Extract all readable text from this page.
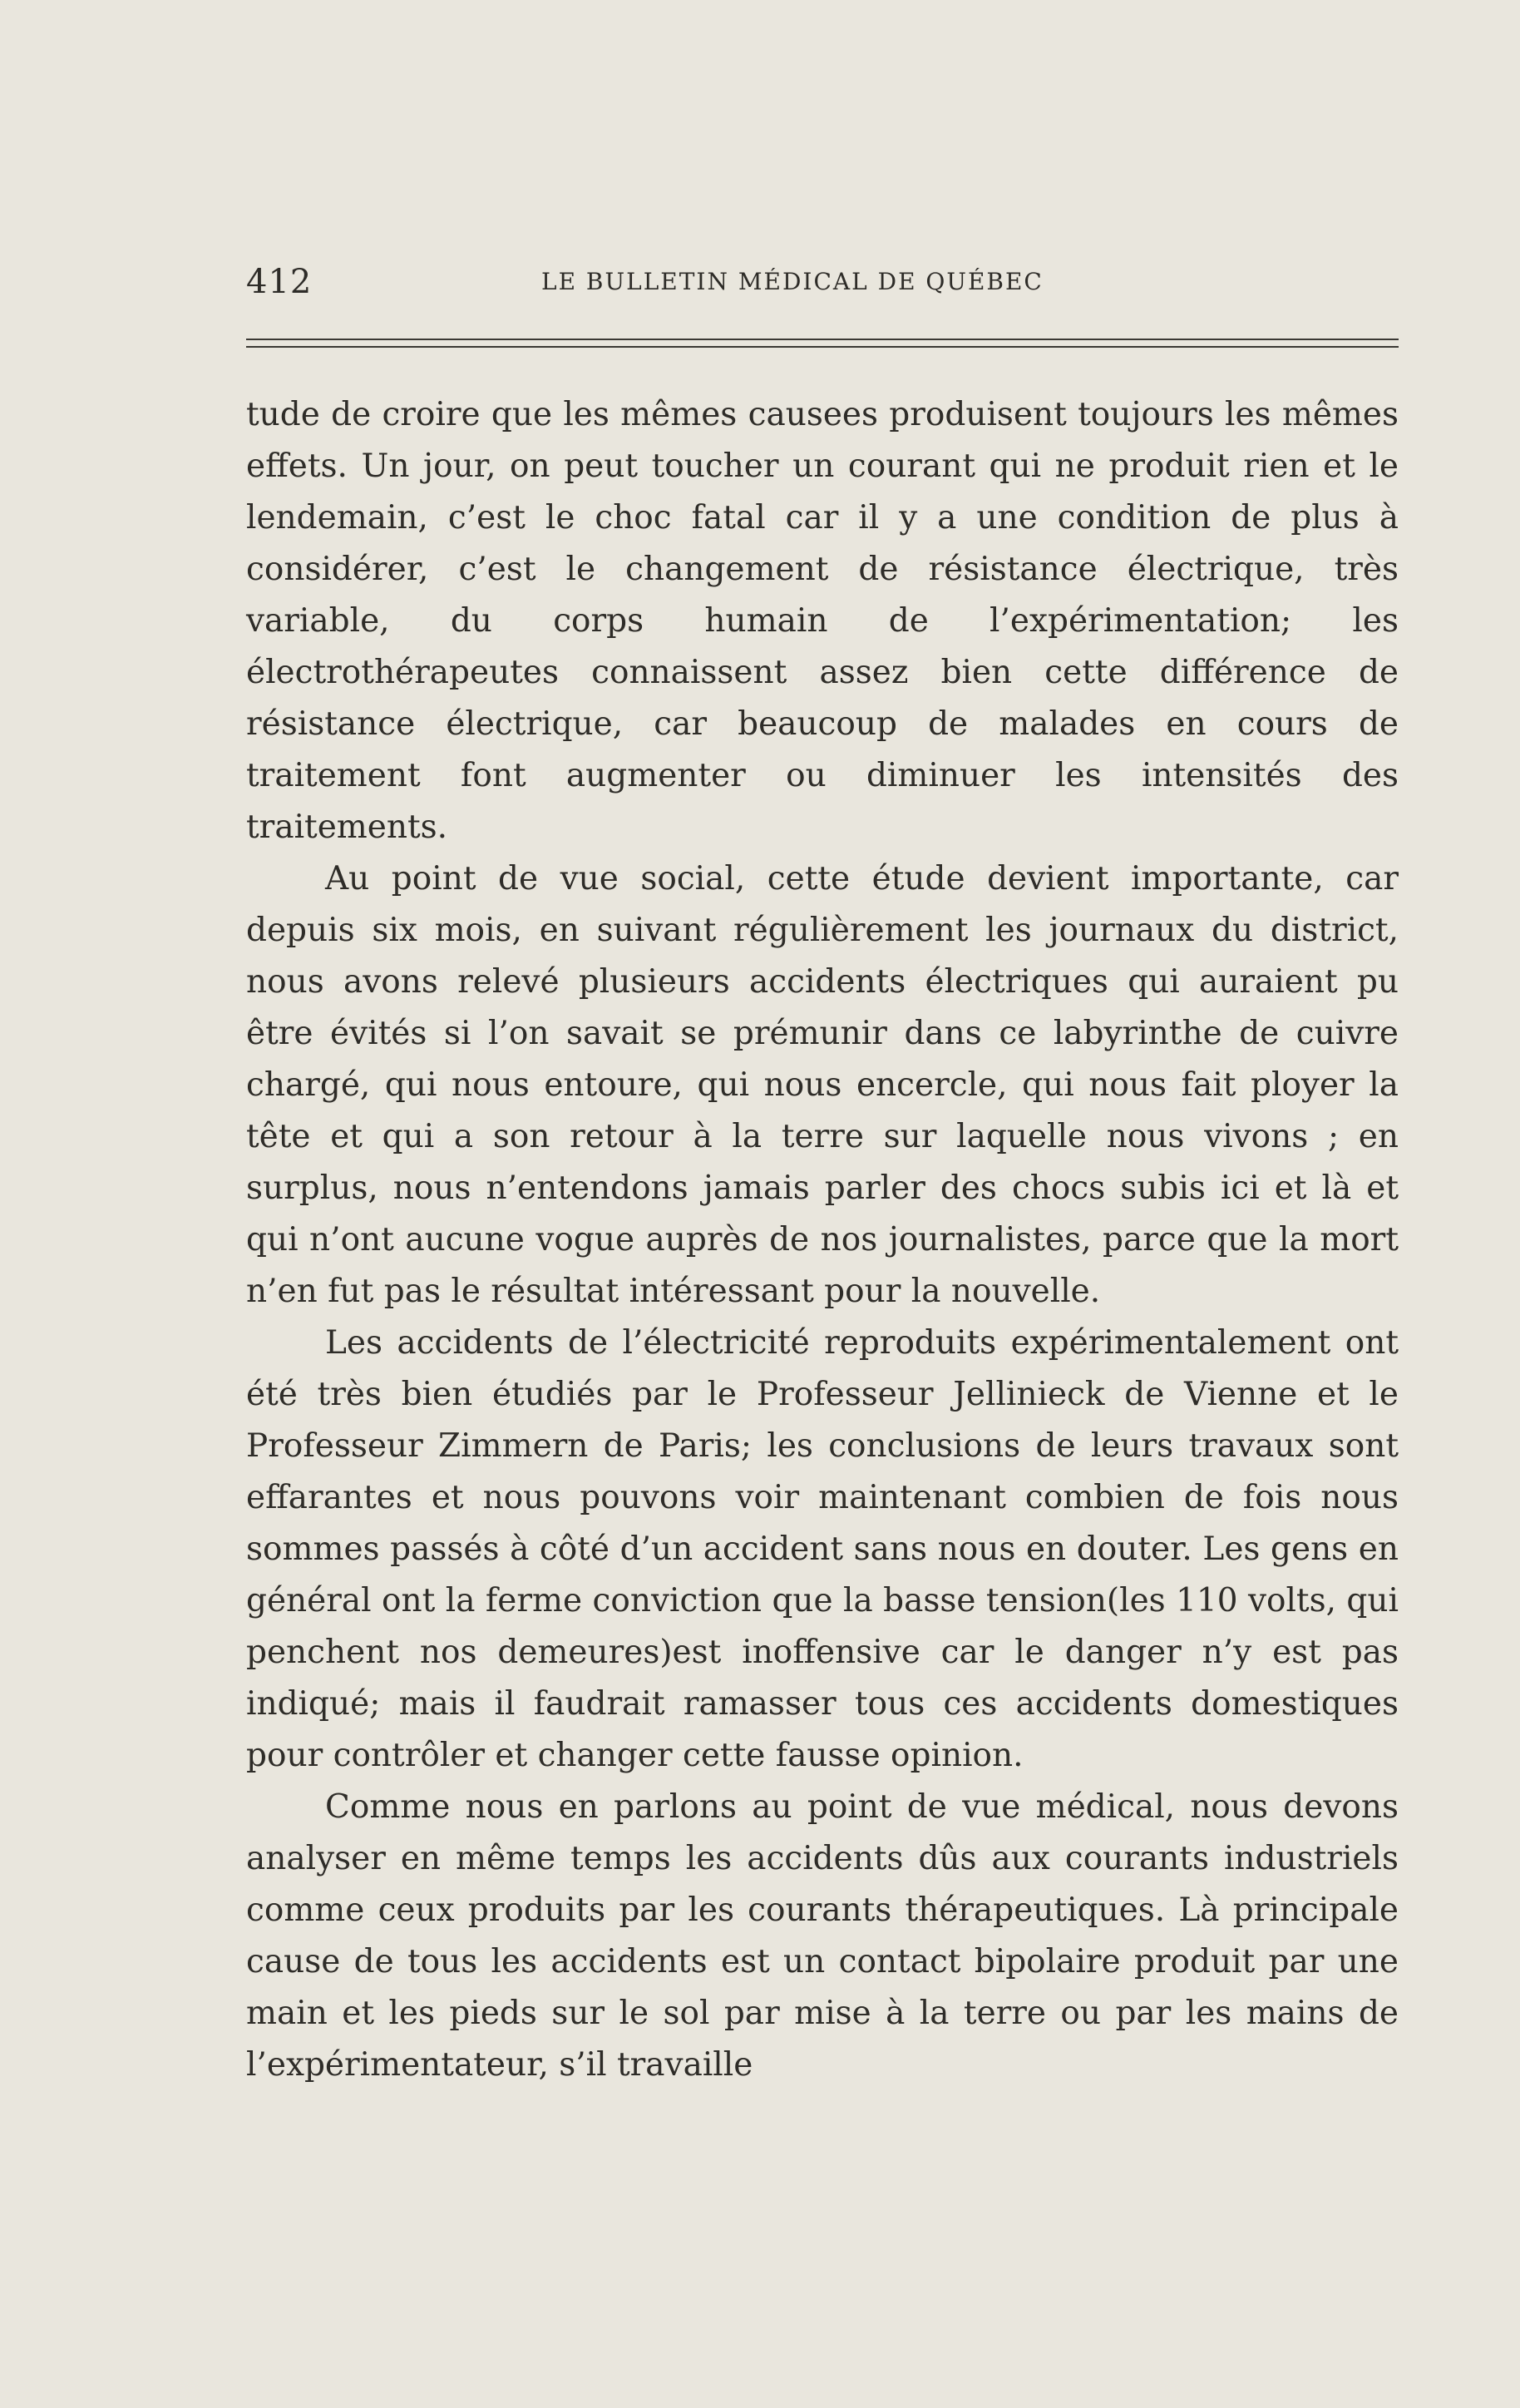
412	LE BULLETIN MÉDICAL DE QUÉBEC

tude de croire que les mêmes causees produisent toujours les mêmes effets. Un jour, on peut toucher un courant qui ne produit rien et le lendemain, c’est le choc fatal car il y a une condition de plus à considérer, c’est le changement de résistance électrique, très variable, du corps humain de l’expérimentation; les électrothérapeutes connaissent assez bien cette différence de résistance électrique, car beaucoup de malades en cours de traitement font augmenter ou diminuer les intensités des traitements.

Au point de vue social, cette étude devient importante, car depuis six mois, en suivant régulièrement les journaux du district, nous avons relevé plusieurs accidents électriques qui auraient pu être évités si l’on savait se prémunir dans ce labyrinthe de cuivre chargé, qui nous entoure, qui nous encercle, qui nous fait ployer la tête et qui a son retour à la terre sur laquelle nous vivons ; en surplus, nous n’entendons jamais parler des chocs subis ici et là et qui n’ont aucune vogue auprès de nos journalistes, parce que la mort n’en fut pas le résultat intéressant pour la nouvelle.

Les accidents de l’électricité reproduits expérimentalement ont été très bien étudiés par le Professeur Jellinieck de Vienne et le Professeur Zimmern de Paris; les conclusions de leurs travaux sont effarantes et nous pouvons voir maintenant combien de fois nous sommes passés à côté d’un accident sans nous en douter. Les gens en général ont la ferme conviction que la basse tension(les 110 volts, qui penchent nos demeures)est inoffensive car le danger n’y est pas indiqué; mais il faudrait ramasser tous ces accidents domestiques pour contrôler et changer cette fausse opinion.

Comme nous en parlons au point de vue médical, nous devons analyser en même temps les accidents dûs aux courants industriels comme ceux produits par les courants thérapeutiques. Là principale cause de tous les accidents est un contact bipolaire produit par une main et les pieds sur le sol par mise à la terre ou par les mains de l’expérimentateur, s’il travaille
